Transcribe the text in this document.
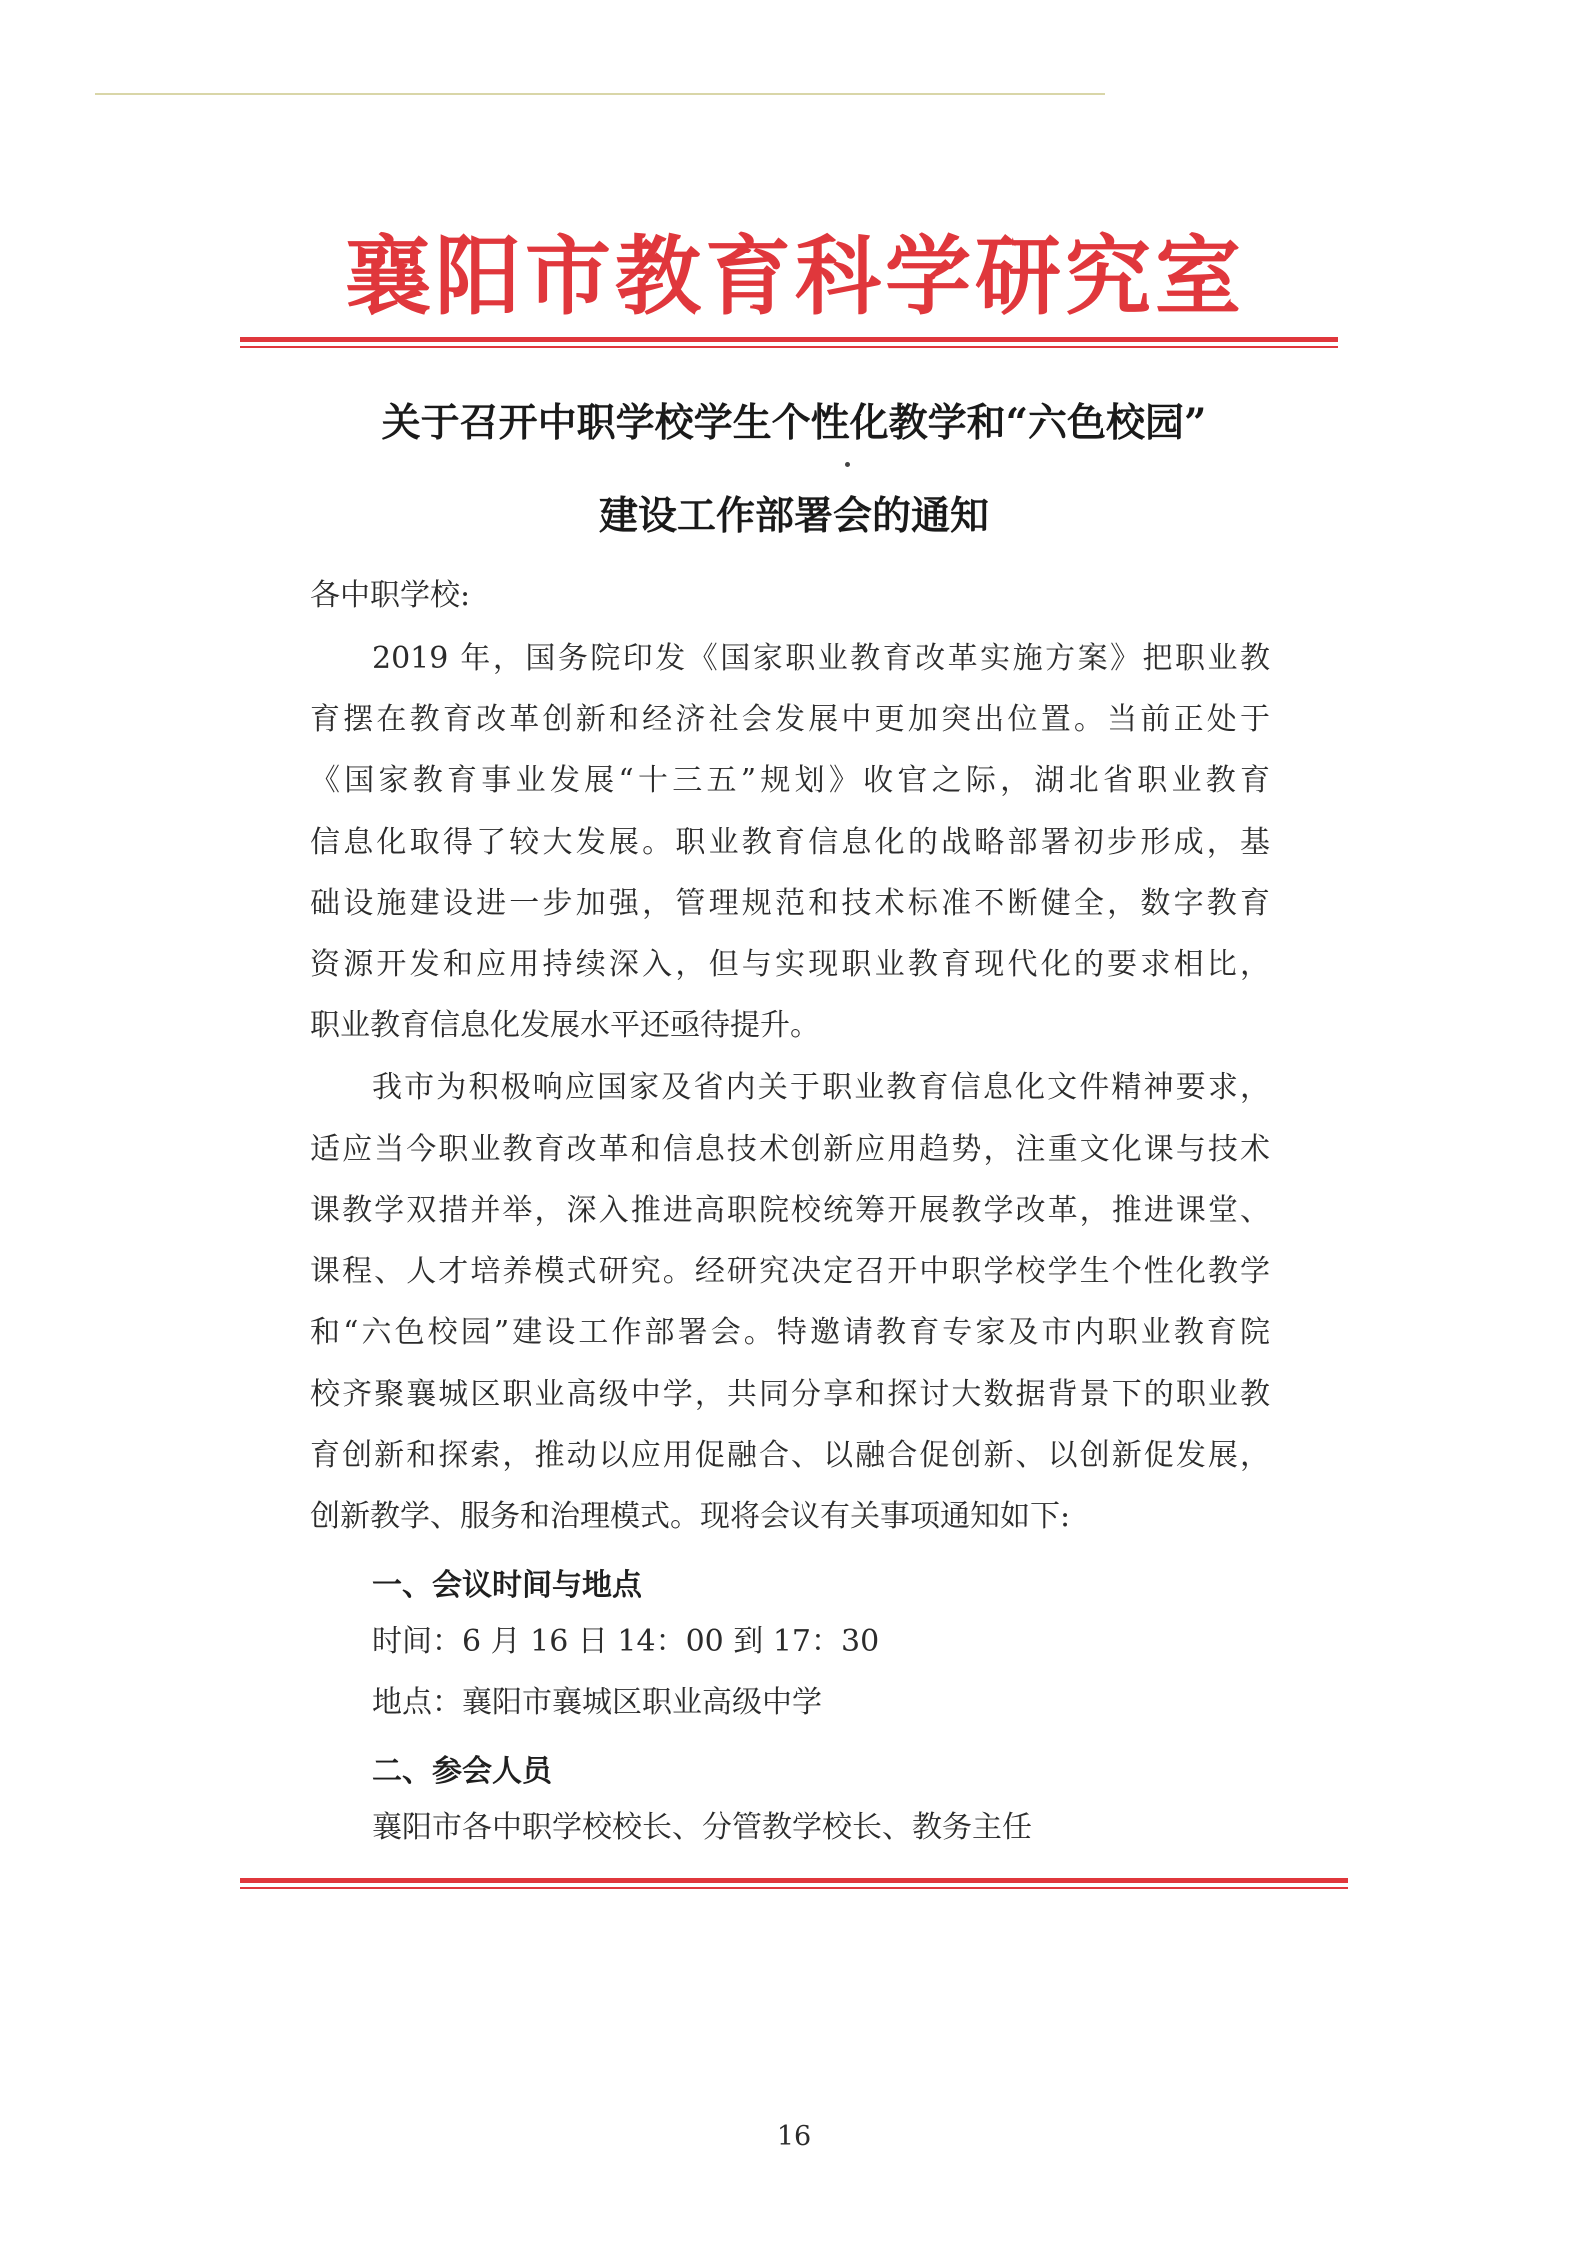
襄阳市教育科学研究室
关于召开中职学校学生个性化教学和“六色校园”
建设工作部署会的通知
各中职学校:
2019 年，国务院印发《国家职业教育改革实施方案》把职业教
育摆在教育改革创新和经济社会发展中更加突出位置。当前正处于
《国家教育事业发展“十三五”规划》收官之际，湖北省职业教育
信息化取得了较大发展。职业教育信息化的战略部署初步形成，基
础设施建设进一步加强，管理规范和技术标准不断健全，数字教育
资源开发和应用持续深入，但与实现职业教育现代化的要求相比，
职业教育信息化发展水平还亟待提升。
我市为积极响应国家及省内关于职业教育信息化文件精神要求，
适应当今职业教育改革和信息技术创新应用趋势，注重文化课与技术
课教学双措并举，深入推进高职院校统筹开展教学改革，推进课堂、
课程、人才培养模式研究。经研究决定召开中职学校学生个性化教学
和“六色校园”建设工作部署会。特邀请教育专家及市内职业教育院
校齐聚襄城区职业高级中学，共同分享和探讨大数据背景下的职业教
育创新和探索，推动以应用促融合、以融合促创新、以创新促发展，
创新教学、服务和治理模式。现将会议有关事项通知如下:
一、会议时间与地点
时间：6 月 16 日 14：00 到 17：30
地点：襄阳市襄城区职业高级中学
二、参会人员
襄阳市各中职学校校长、分管教学校长、教务主任
16
